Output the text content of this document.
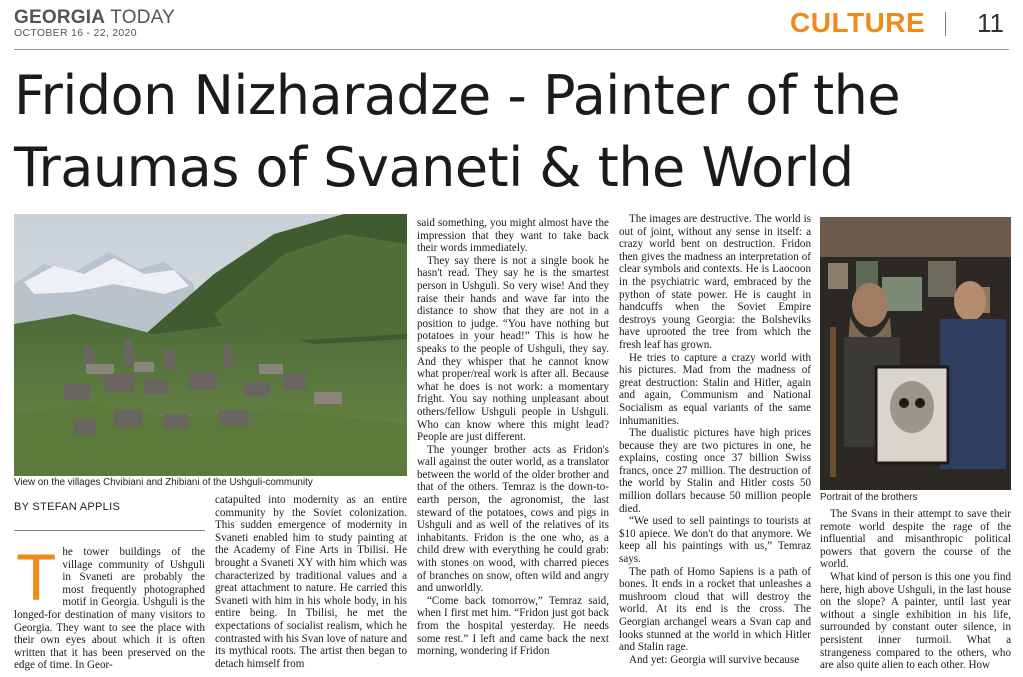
GEORGIA TODAY
OCTOBER 16 - 22, 2020	CULTURE 11
Fridon Nizharadze - Painter of the Traumas of Svaneti & the World
View on the villages Chvibiani and Zhibiani of the Ushguli-community
BY STEFAN APPLIS
T he tower buildings of the village community of Ushguli in Svaneti are probably the most frequently photographed motif in Georgia. Ushguli is the longed-for destination of many visitors to Georgia. They want to see the place with their own eyes about which it is often written that it has been preserved on the edge of time. In Geor-

catapulted into modernity as an entire community by the Soviet colonization. This sudden emergence of modernity in Svaneti enabled him to study painting at the Academy of Fine Arts in Tbilisi. He brought a Svaneti XY with him which was characterized by traditional values and a great attachment to nature. He carried this Svaneti with him in his whole body, in his entire being. In Tbilisi, he met the expectations of socialist realism, which he contrasted with his Svan love of nature and its mythical roots. The artist then began to detach himself from

said something, you might almost have the impression that they want to take back their words immediately.

They say there is not a single book he hasn't read. They say he is the smartest person in Ushguli. So very wise! And they raise their hands and wave far into the distance to show that they are not in a position to judge. “You have nothing but potatoes in your head!” This is how he speaks to the people of Ushguli, they say. And they whisper that he cannot know what proper/real work is after all. Because what he does is not work: a momentary fright. You say nothing unpleasant about others/fellow Ushguli people in Ushguli. Who can know where this might lead? People are just different.

The younger brother acts as Fridon's wall against the outer world, as a translator between the world of the older brother and that of the others. Temraz is the down-to-earth person, the agronomist, the last steward of the potatoes, cows and pigs in Ushguli and as well of the relatives of its inhabitants. Fridon is the one who, as a child drew with everything he could grab: with stones on wood, with charred pieces of branches on snow, often wild and angry and unworldly.

“Come back tomorrow,” Temraz said, when I first met him. “Fridon just got back from the hospital yesterday. He needs some rest.” I left and came back the next morning, wondering if Fridon

The images are destructive. The world is out of joint, without any sense in itself: a crazy world bent on destruction. Fridon then gives the madness an interpretation of clear symbols and contexts. He is Laocoon in the psychiatric ward, embraced by the python of state power. He is caught in handcuffs when the Soviet Empire destroys young Georgia: the Bolsheviks have uprooted the tree from which the fresh leaf has grown.

He tries to capture a crazy world with his pictures. Mad from the madness of great destruction: Stalin and Hitler, again and again, Communism and National Socialism as equal variants of the same inhumanities.

The dualistic pictures have high prices because they are two pictures in one, he explains, costing once 37 billion Swiss francs, once 27 million. The destruction of the world by Stalin and Hitler costs 50 million dollars because 50 million people died.

“We used to sell paintings to tourists at $10 apiece. We don't do that anymore. We keep all his paintings with us,” Temraz says.

The path of Homo Sapiens is a path of bones. It ends in a rocket that unleashes a mushroom cloud that will destroy the world. At its end is the cross. The Georgian archangel wears a Svan cap and looks stunned at the world in which Hitler and Stalin rage.

And yet: Georgia will survive because

Portrait of the brothers

The Svans in their attempt to save their remote world despite the rage of the influential and misanthropic political powers that govern the course of the world.

What kind of person is this one you find here, high above Ushguli, in the last house on the slope? A painter, until last year without a single exhibition in his life, surrounded by constant outer silence, in persistent inner turmoil. What a strangeness compared to the others, who are also quite alien to each other. How
